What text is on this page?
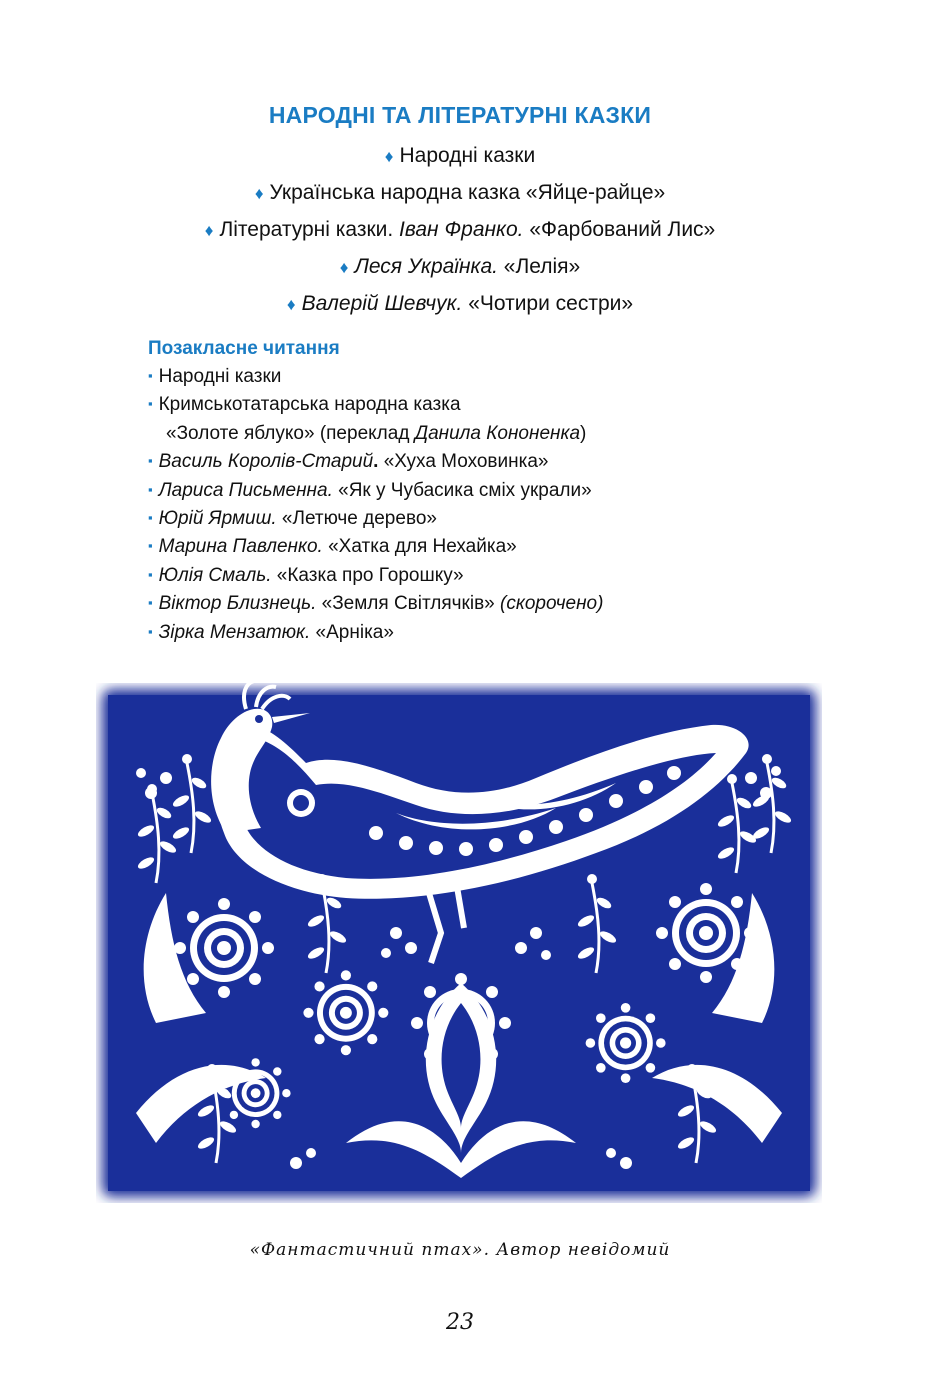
НАРОДНІ ТА ЛІТЕРАТУРНІ КАЗКИ
♦ Народні казки
♦ Українська народна казка «Яйце-райце»
♦ Літературні казки. Іван Франко. «Фарбований Лис»
♦ Леся Українка. «Лелія»
♦ Валерій Шевчук. «Чотири сестри»
Позакласне читання
▪ Народні казки
▪ Кримськотатарська народна казка
«Золоте яблуко» (переклад Данила Кононенка)
▪ Василь Королів-Старий. «Хуха Моховинка»
▪ Лариса Письменна. «Як у Чубасика сміх украли»
▪ Юрій Ярмиш. «Летюче дерево»
▪ Марина Павленко. «Хатка для Нехайка»
▪ Юлія Смаль. «Казка про Горошку»
▪ Віктор Близнець. «Земля Світлячків» (скорочено)
▪ Зірка Мензатюк. «Арніка»
«Фантастичний птах». Автор невідомий
23
